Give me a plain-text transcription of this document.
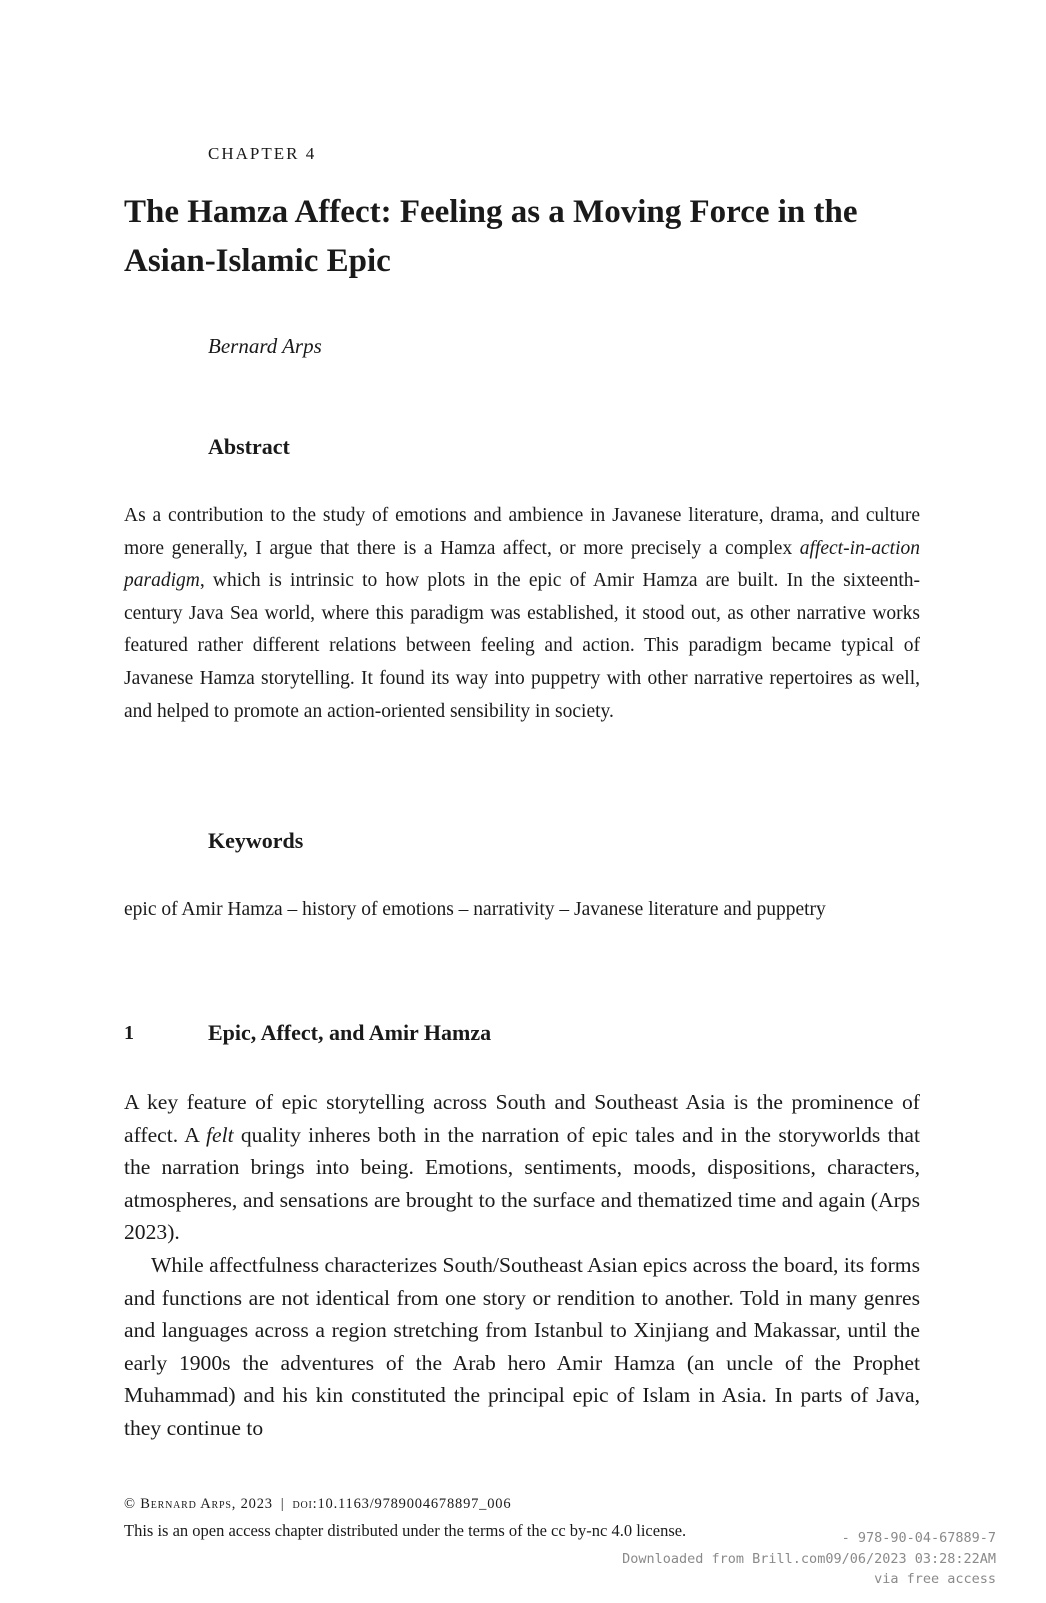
CHAPTER 4
The Hamza Affect: Feeling as a Moving Force in the Asian-Islamic Epic
Bernard Arps
Abstract

As a contribution to the study of emotions and ambience in Javanese literature, drama, and culture more generally, I argue that there is a Hamza affect, or more precisely a complex affect-in-action paradigm, which is intrinsic to how plots in the epic of Amir Hamza are built. In the sixteenth-century Java Sea world, where this paradigm was established, it stood out, as other narrative works featured rather different relations between feeling and action. This paradigm became typical of Javanese Hamza storytelling. It found its way into puppetry with other narrative repertoires as well, and helped to promote an action-oriented sensibility in society.

Keywords

epic of Amir Hamza – history of emotions – narrativity – Javanese literature and puppetry

1	Epic, Affect, and Amir Hamza

A key feature of epic storytelling across South and Southeast Asia is the prominence of affect. A felt quality inheres both in the narration of epic tales and in the storyworlds that the narration brings into being. Emotions, sentiments, moods, dispositions, characters, atmospheres, and sensations are brought to the surface and thematized time and again (Arps 2023).

While affectfulness characterizes South/Southeast Asian epics across the board, its forms and functions are not identical from one story or rendition to another. Told in many genres and languages across a region stretching from Istanbul to Xinjiang and Makassar, until the early 1900s the adventures of the Arab hero Amir Hamza (an uncle of the Prophet Muhammad) and his kin constituted the principal epic of Islam in Asia. In parts of Java, they continue to

© Bernard Arps, 2023 | doi:10.1163/9789004678897_006
This is an open access chapter distributed under the terms of the cc by-nc 4.0 license.	- 978-90-04-67889-7
Downloaded from Brill.com09/06/2023 03:28:22AM
via free access
